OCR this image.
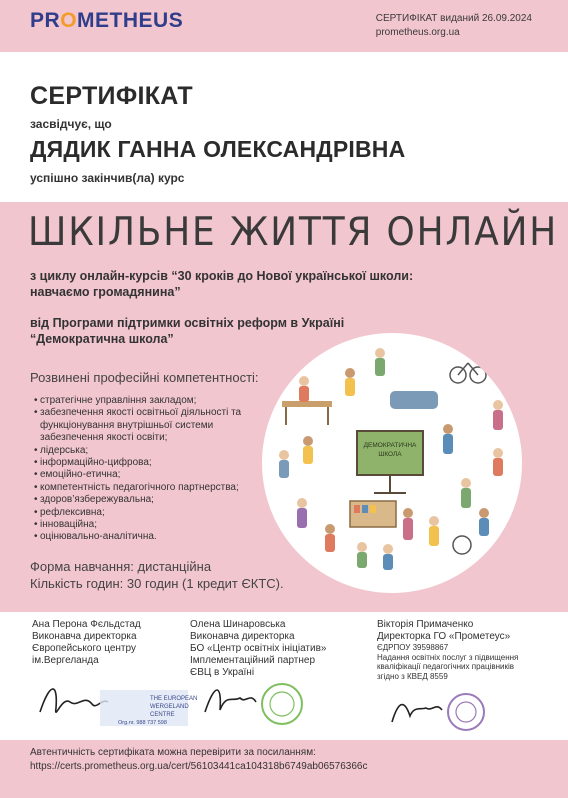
PROMETHEUS	СЕРТИФІКАТ виданий 26.09.2024
prometheus.org.ua
СЕРТИФІКАТ
засвідчує, що
ДЯДИК ГАННА ОЛЕКСАНДРІВНА
успішно закінчив(ла) курс
ШКІЛЬНЕ ЖИТТЯ ОНЛАЙН
з циклу онлайн-курсів “30 кроків до Нової української школи:
навчаємо громадянина”
від Програми підтримки освітніх реформ в Україні
“Демократична школа”
Розвинені професійні компетентності:
• стратегічне управління закладом;
• забезпечення якості освітньої діяльності та функціонування внутрішньої системи забезпечення якості освіти;
• лідерська;
• інформаційно-цифрова;
• емоційно-етична;
• компетентність педагогічного партнерства;
• здоров’язбережувальна;
• рефлексивна;
• інноваційна;
• оцінювально-аналітична.
Форма навчання: дистанційна
Кількість годин: 30 годин (1 кредит ЄКТС).
ДЕМОКРАТИЧНА
ШКОЛА
Ана Перона Фєльдстад
Виконавча директорка
Європейського центру
ім.Вергеланда
Олена Шинаровська
Виконавча директорка
БО «Центр освітніх ініціатив»
Імплементаційний партнер
ЄВЦ в Україні
Вікторія Примаченко
Директорка ГО «Прометеус»
ЄДРПОУ 39598867
Надання освітніх послуг з підвищення
кваліфікації педагогічних працівників
згідно з КВЕД 8559
THE EUROPEAN
WERGELAND
CENTRE
Org.nr. 988 737 598
Автентичність сертифіката можна перевірити за посиланням:
https://certs.prometheus.org.ua/cert/56103441ca104318b6749ab06576366c
